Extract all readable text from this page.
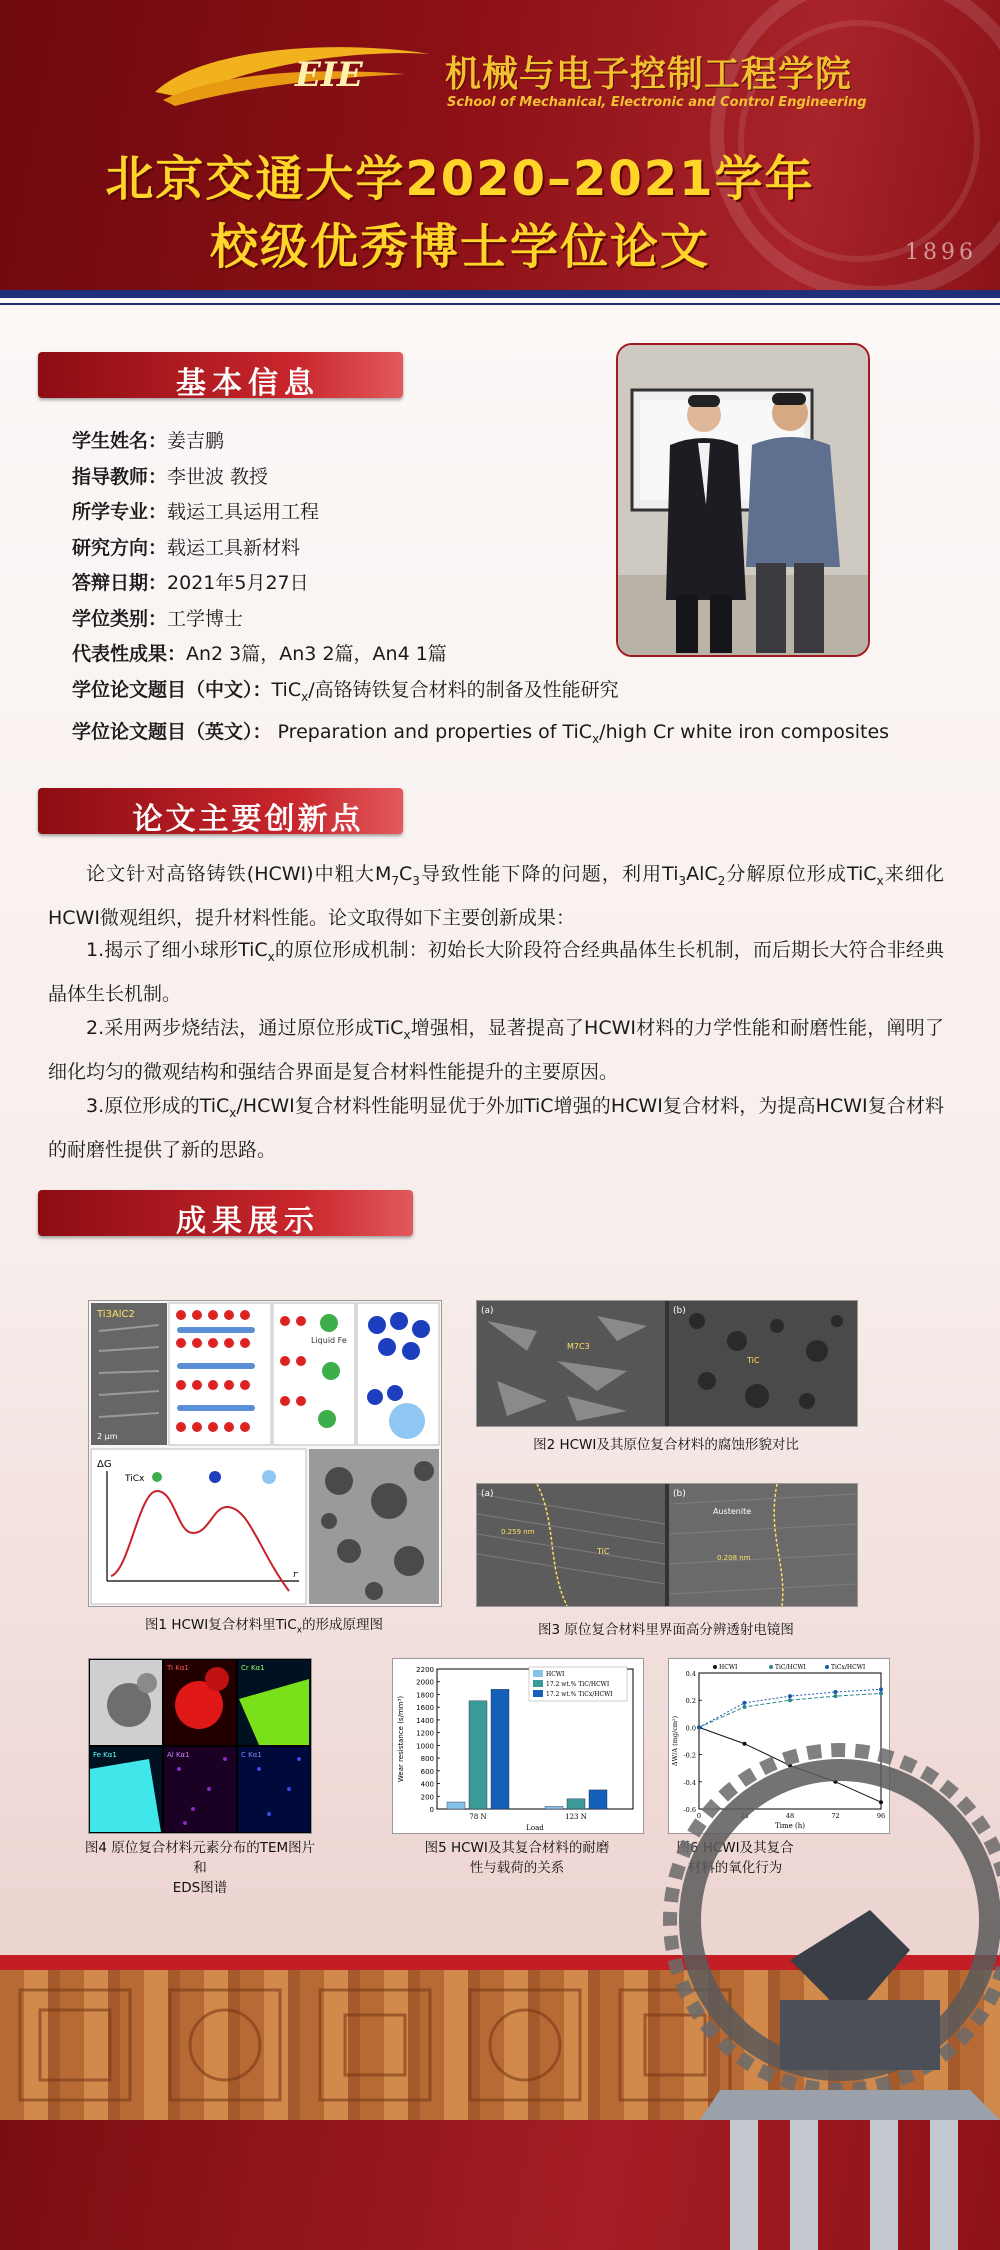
1896
EIE 机械与电子控制工程学院
School of Mechanical, Electronic and Control Engineering
北京交通大学2020–2021学年
校级优秀博士学位论文
基本信息
学生姓名：姜吉鹏
指导教师：李世波 教授
所学专业：载运工具运用工程
研究方向：载运工具新材料
答辩日期：2021年5月27日
学位类别：工学博士
代表性成果：An2 3篇，An3 2篇，An4 1篇
学位论文题目（中文）：TiC$_x$/高铬铸铁复合材料的制备及性能研究
学位论文题目（英文）： Preparation and properties of TiC$_x$/high Cr white iron composites
论文主要创新点
论文针对高铬铸铁(HCWI)中粗大$M_7C_3$导致性能下降的问题，利用$Ti_3AlC_2$分解原位形成TiC$_x$来细化HCWI微观组织，提升材料性能。论文取得如下主要创新成果：
1.揭示了细小球形TiC$_x$的原位形成机制：初始长大阶段符合经典晶体生长机制，而后期长大符合非经典晶体生长机制。
2.采用两步烧结法，通过原位形成TiC$_x$增强相，显著提高了HCWI材料的力学性能和耐磨性能，阐明了细化均匀的微观结构和强结合界面是复合材料性能提升的主要原因。
3.原位形成的TiC$_x$/HCWI复合材料性能明显优于外加TiC增强的HCWI复合材料，为提高HCWI复合材料的耐磨性提供了新的思路。
成果展示
Ti3AlC2
2 μm
Liquid Fe
ΔG
TiCx
r
图1 HCWI复合材料里TiC$_x$的形成原理图
(a)	(b)
M7C3
TiC
图2 HCWI及其原位复合材料的腐蚀形貌对比
(a)	(b)
0.259 nm
TiC
Austenite
0.208 nm
图3 原位复合材料里界面高分辨透射电镜图
Ti Kα1	Cr Kα1
Fe Kα1	Al Kα1	C Kα1
图4 原位复合材料元素分布的TEM图片和
EDS图谱
0
200
400
600
800
1000
1200
1400
1600
1800
2000
2200
Wear resistance (s/mm³)
78 N	123 N
Load
HCWI
17.2 wt.% TiC/HCWI
17.2 wt.% TiCx/HCWI
图5 HCWI及其复合材料的耐磨
性与载荷的关系
0.4
0.2
0.0
-0.2
-0.4
-0.6
0	24	48	72	96
Time (h)
ΔW/A (mg/cm²)
HCWI	TiC/HCWI	TiCx/HCWI
图6 HCWI及其复合
材料的氧化行为
